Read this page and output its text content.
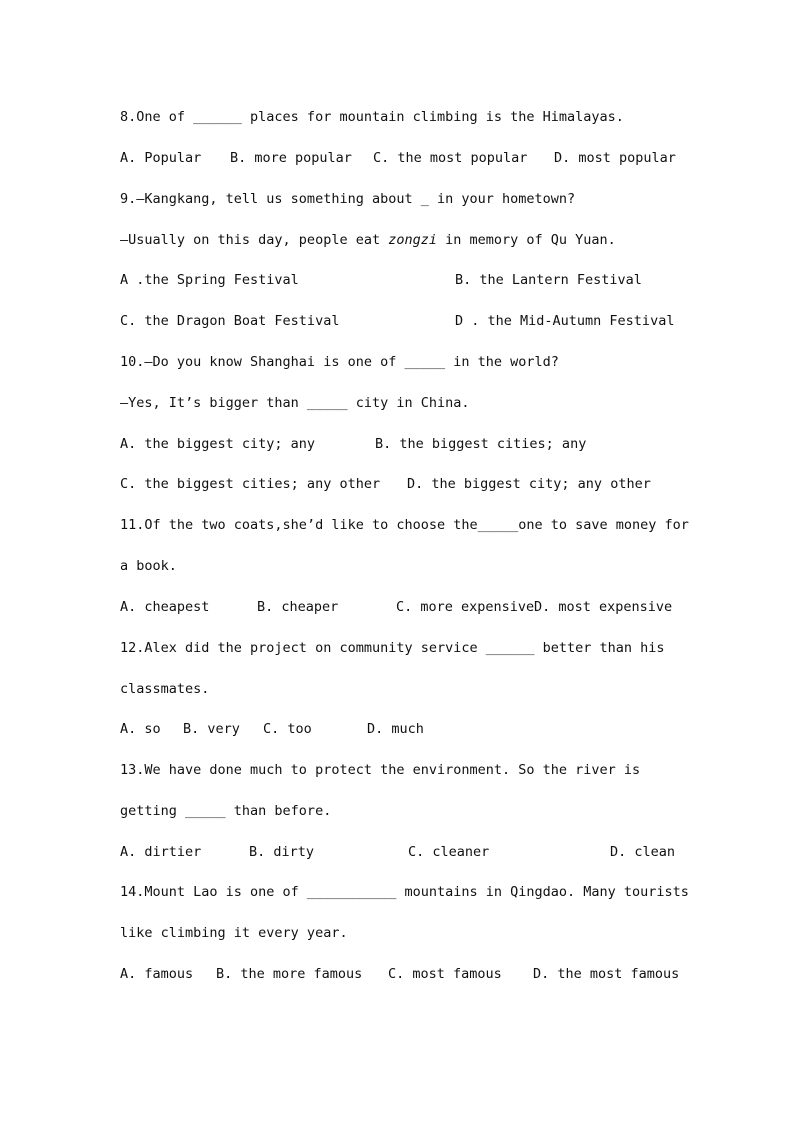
8.One of ______ places for mountain climbing is the Himalayas.

A. Popular

B. more popular

C. the most popular

D. most popular

9.—Kangkang, tell us something about _ in your hometown?
—Usually on this day, people eat zongzi in memory of Qu Yuan.

A .the Spring Festival

	B. the Lantern Festival

C. the Dragon Boat Festival

	D . the Mid-Autumn Festival

10.—Do you know Shanghai is one of _____ in the world?
—Yes, It’s bigger than _____ city in China.

A. the biggest city; any

	B. the biggest cities; any

C. the biggest cities; any other

D. the biggest city; any other

11.Of the two coats,she’d like to choose the_____one to save money for
a book.

A. cheapest

	B. cheaper

	C. more expensive

D. most expensive

12.Alex did the project on community service ______ better than his
classmates.

A. so

B. very

C. too

	D. much

13.We have done much to protect the environment. So the river is
getting _____ than before.

A. dirtier

	B. dirty

	C. cleaner

	D. clean

14.Mount Lao is one of ___________ mountains in Qingdao. Many tourists
like climbing it every year.

A. famous

B. the more famous

C. most famous

D. the most famous
